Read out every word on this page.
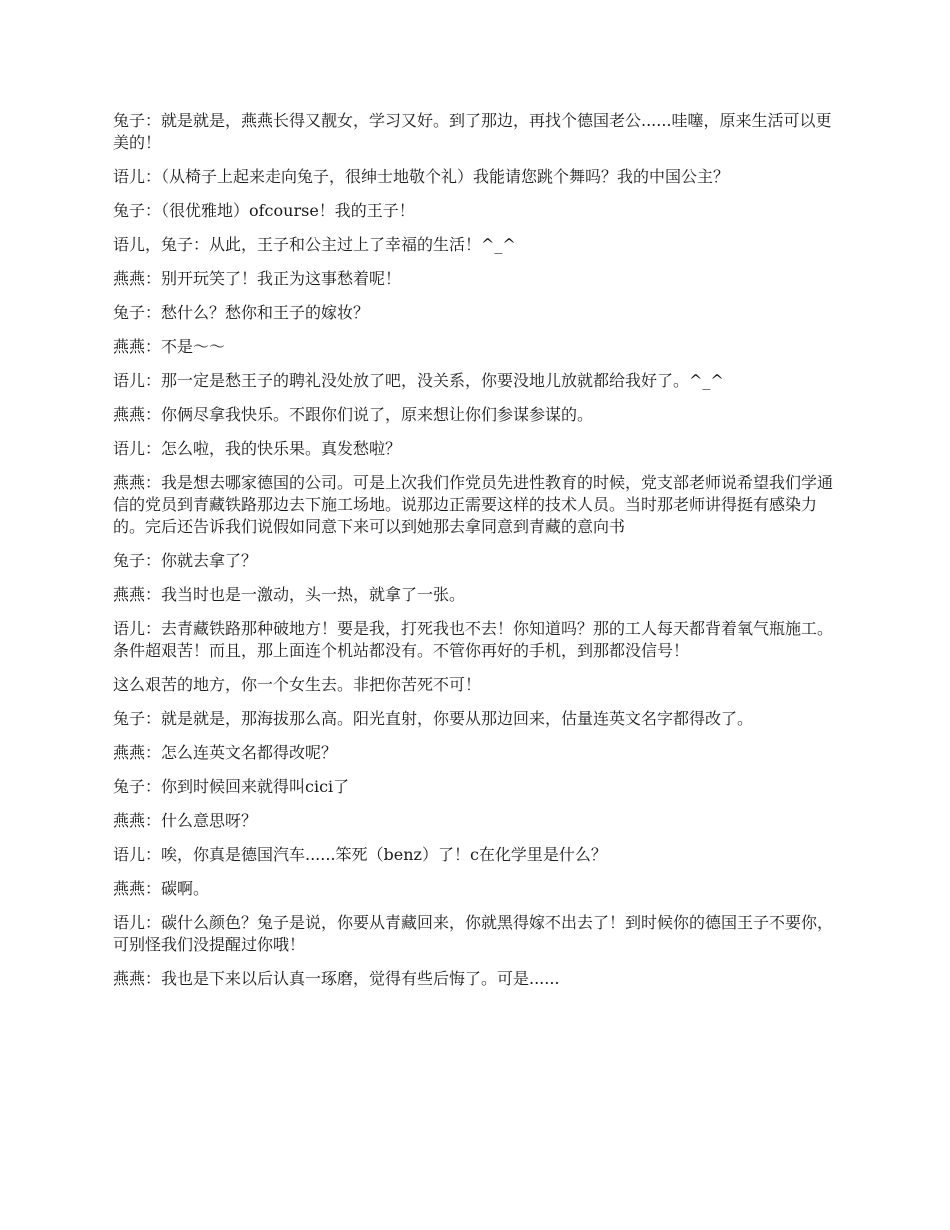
兔子：就是就是，燕燕长得又靓女，学习又好。到了那边，再找个德国老公......哇噻，原来生活可以更美的！

语儿：（从椅子上起来走向兔子，很绅士地敬个礼）我能请您跳个舞吗？我的中国公主？

兔子：（很优雅地）ofcourse！我的王子！

语儿，兔子：从此，王子和公主过上了幸福的生活！^_^

燕燕：别开玩笑了！我正为这事愁着呢！

兔子：愁什么？愁你和王子的嫁妆？

燕燕：不是～～

语儿：那一定是愁王子的聘礼没处放了吧，没关系，你要没地儿放就都给我好了。^_^

燕燕：你俩尽拿我快乐。不跟你们说了，原来想让你们参谋参谋的。

语儿：怎么啦，我的快乐果。真发愁啦？

燕燕：我是想去哪家德国的公司。可是上次我们作党员先进性教育的时候，党支部老师说希望我们学通信的党员到青藏铁路那边去下施工场地。说那边正需要这样的技术人员。当时那老师讲得挺有感染力的。完后还告诉我们说假如同意下来可以到她那去拿同意到青藏的意向书

兔子：你就去拿了？

燕燕：我当时也是一激动，头一热，就拿了一张。

语儿：去青藏铁路那种破地方！要是我，打死我也不去！你知道吗？那的工人每天都背着氧气瓶施工。条件超艰苦！而且，那上面连个机站都没有。不管你再好的手机，到那都没信号！

这么艰苦的地方，你一个女生去。非把你苦死不可！

兔子：就是就是，那海拔那么高。阳光直射，你要从那边回来，估量连英文名字都得改了。

燕燕：怎么连英文名都得改呢？

兔子：你到时候回来就得叫cici了

燕燕：什么意思呀？

语儿：唉，你真是德国汽车......笨死（benz）了！c在化学里是什么？

燕燕：碳啊。

语儿：碳什么颜色？兔子是说，你要从青藏回来，你就黑得嫁不出去了！到时候你的德国王子不要你，可别怪我们没提醒过你哦！

燕燕：我也是下来以后认真一琢磨，觉得有些后悔了。可是......
